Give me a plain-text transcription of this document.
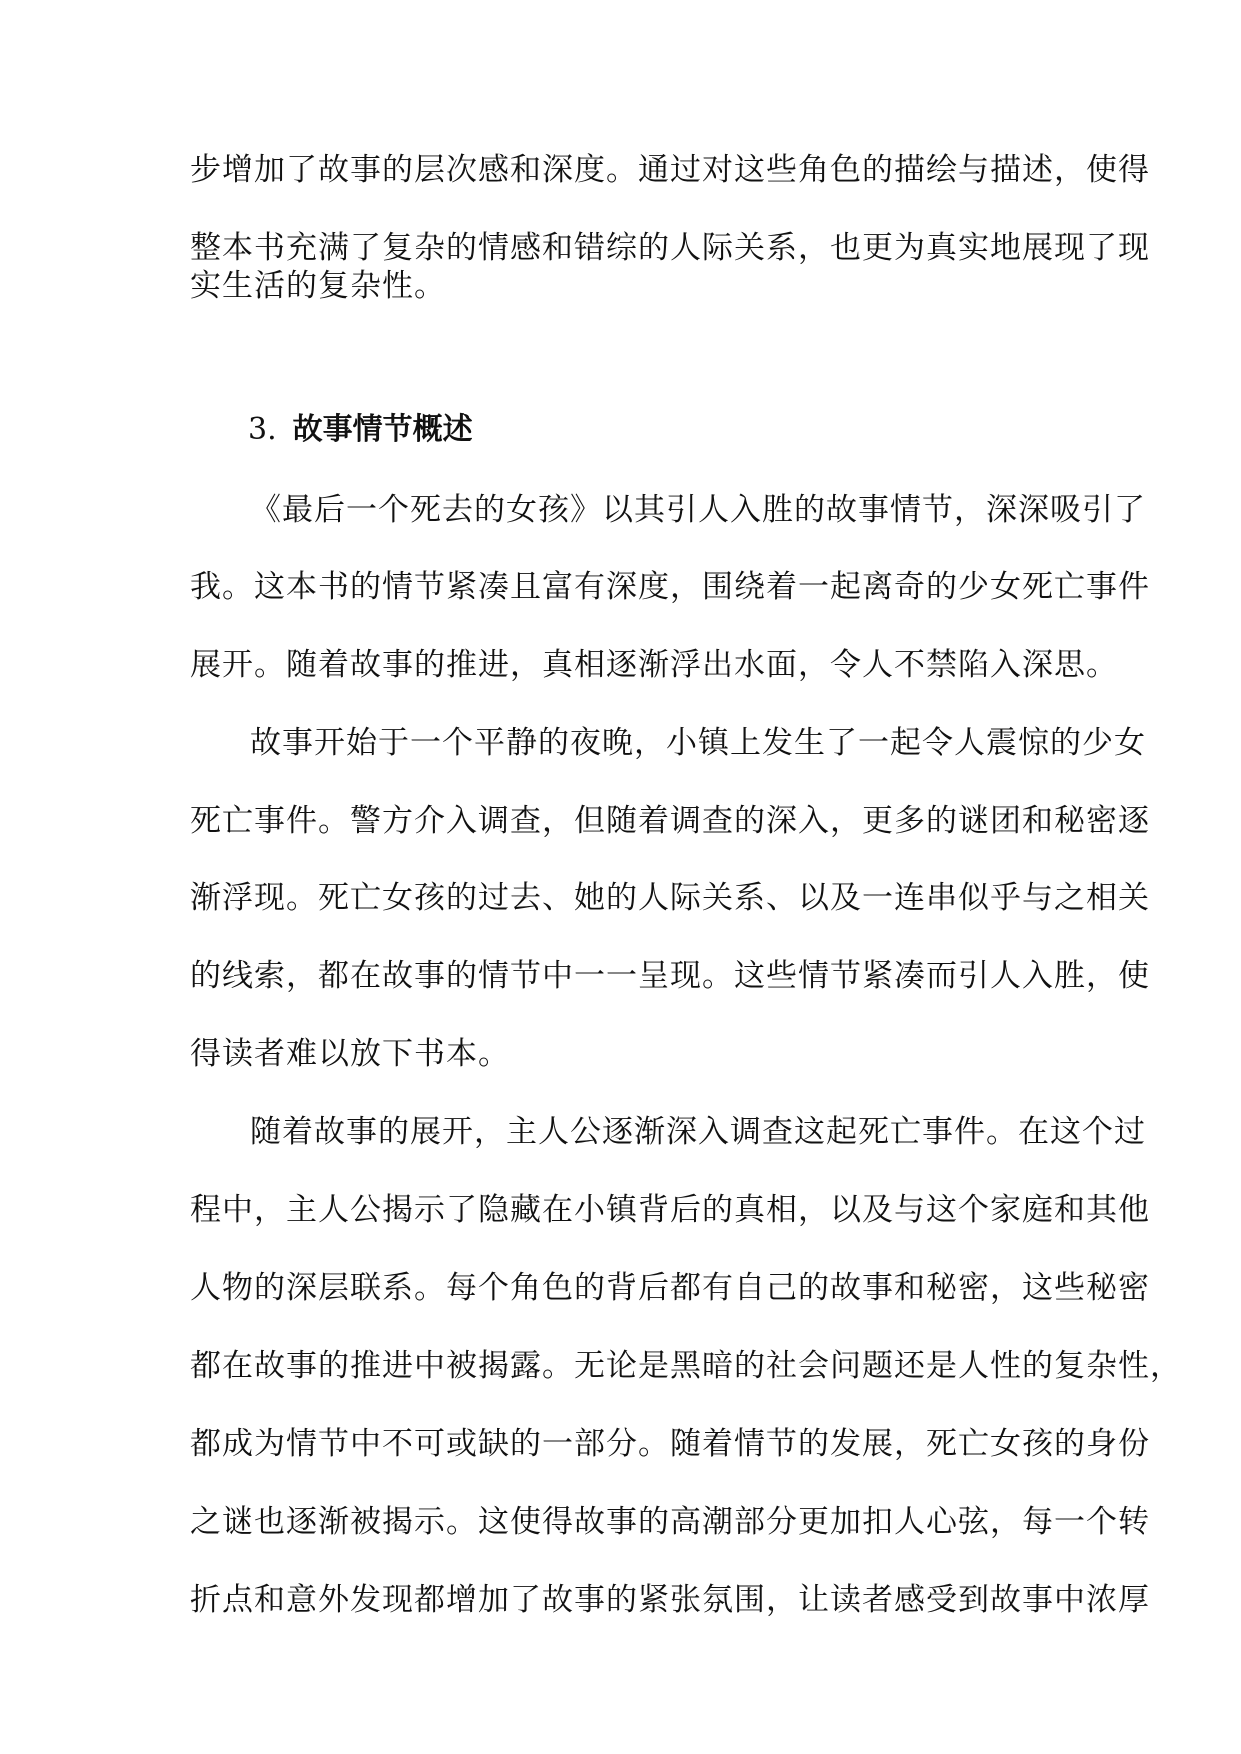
步增加了故事的层次感和深度。通过对这些角色的描绘与描述，使得
整本书充满了复杂的情感和错综的人际关系，也更为真实地展现了现
实生活的复杂性。
3. 故事情节概述
《最后一个死去的女孩》以其引人入胜的故事情节，深深吸引了
我。这本书的情节紧凑且富有深度，围绕着一起离奇的少女死亡事件
展开。随着故事的推进，真相逐渐浮出水面，令人不禁陷入深思。
故事开始于一个平静的夜晚，小镇上发生了一起令人震惊的少女
死亡事件。警方介入调查，但随着调查的深入，更多的谜团和秘密逐
渐浮现。死亡女孩的过去、她的人际关系、以及一连串似乎与之相关
的线索，都在故事的情节中一一呈现。这些情节紧凑而引人入胜，使
得读者难以放下书本。
随着故事的展开，主人公逐渐深入调查这起死亡事件。在这个过
程中，主人公揭示了隐藏在小镇背后的真相，以及与这个家庭和其他
人物的深层联系。每个角色的背后都有自己的故事和秘密，这些秘密
都在故事的推进中被揭露。无论是黑暗的社会问题还是人性的复杂性，
都成为情节中不可或缺的一部分。随着情节的发展，死亡女孩的身份
之谜也逐渐被揭示。这使得故事的高潮部分更加扣人心弦，每一个转
折点和意外发现都增加了故事的紧张氛围，让读者感受到故事中浓厚
